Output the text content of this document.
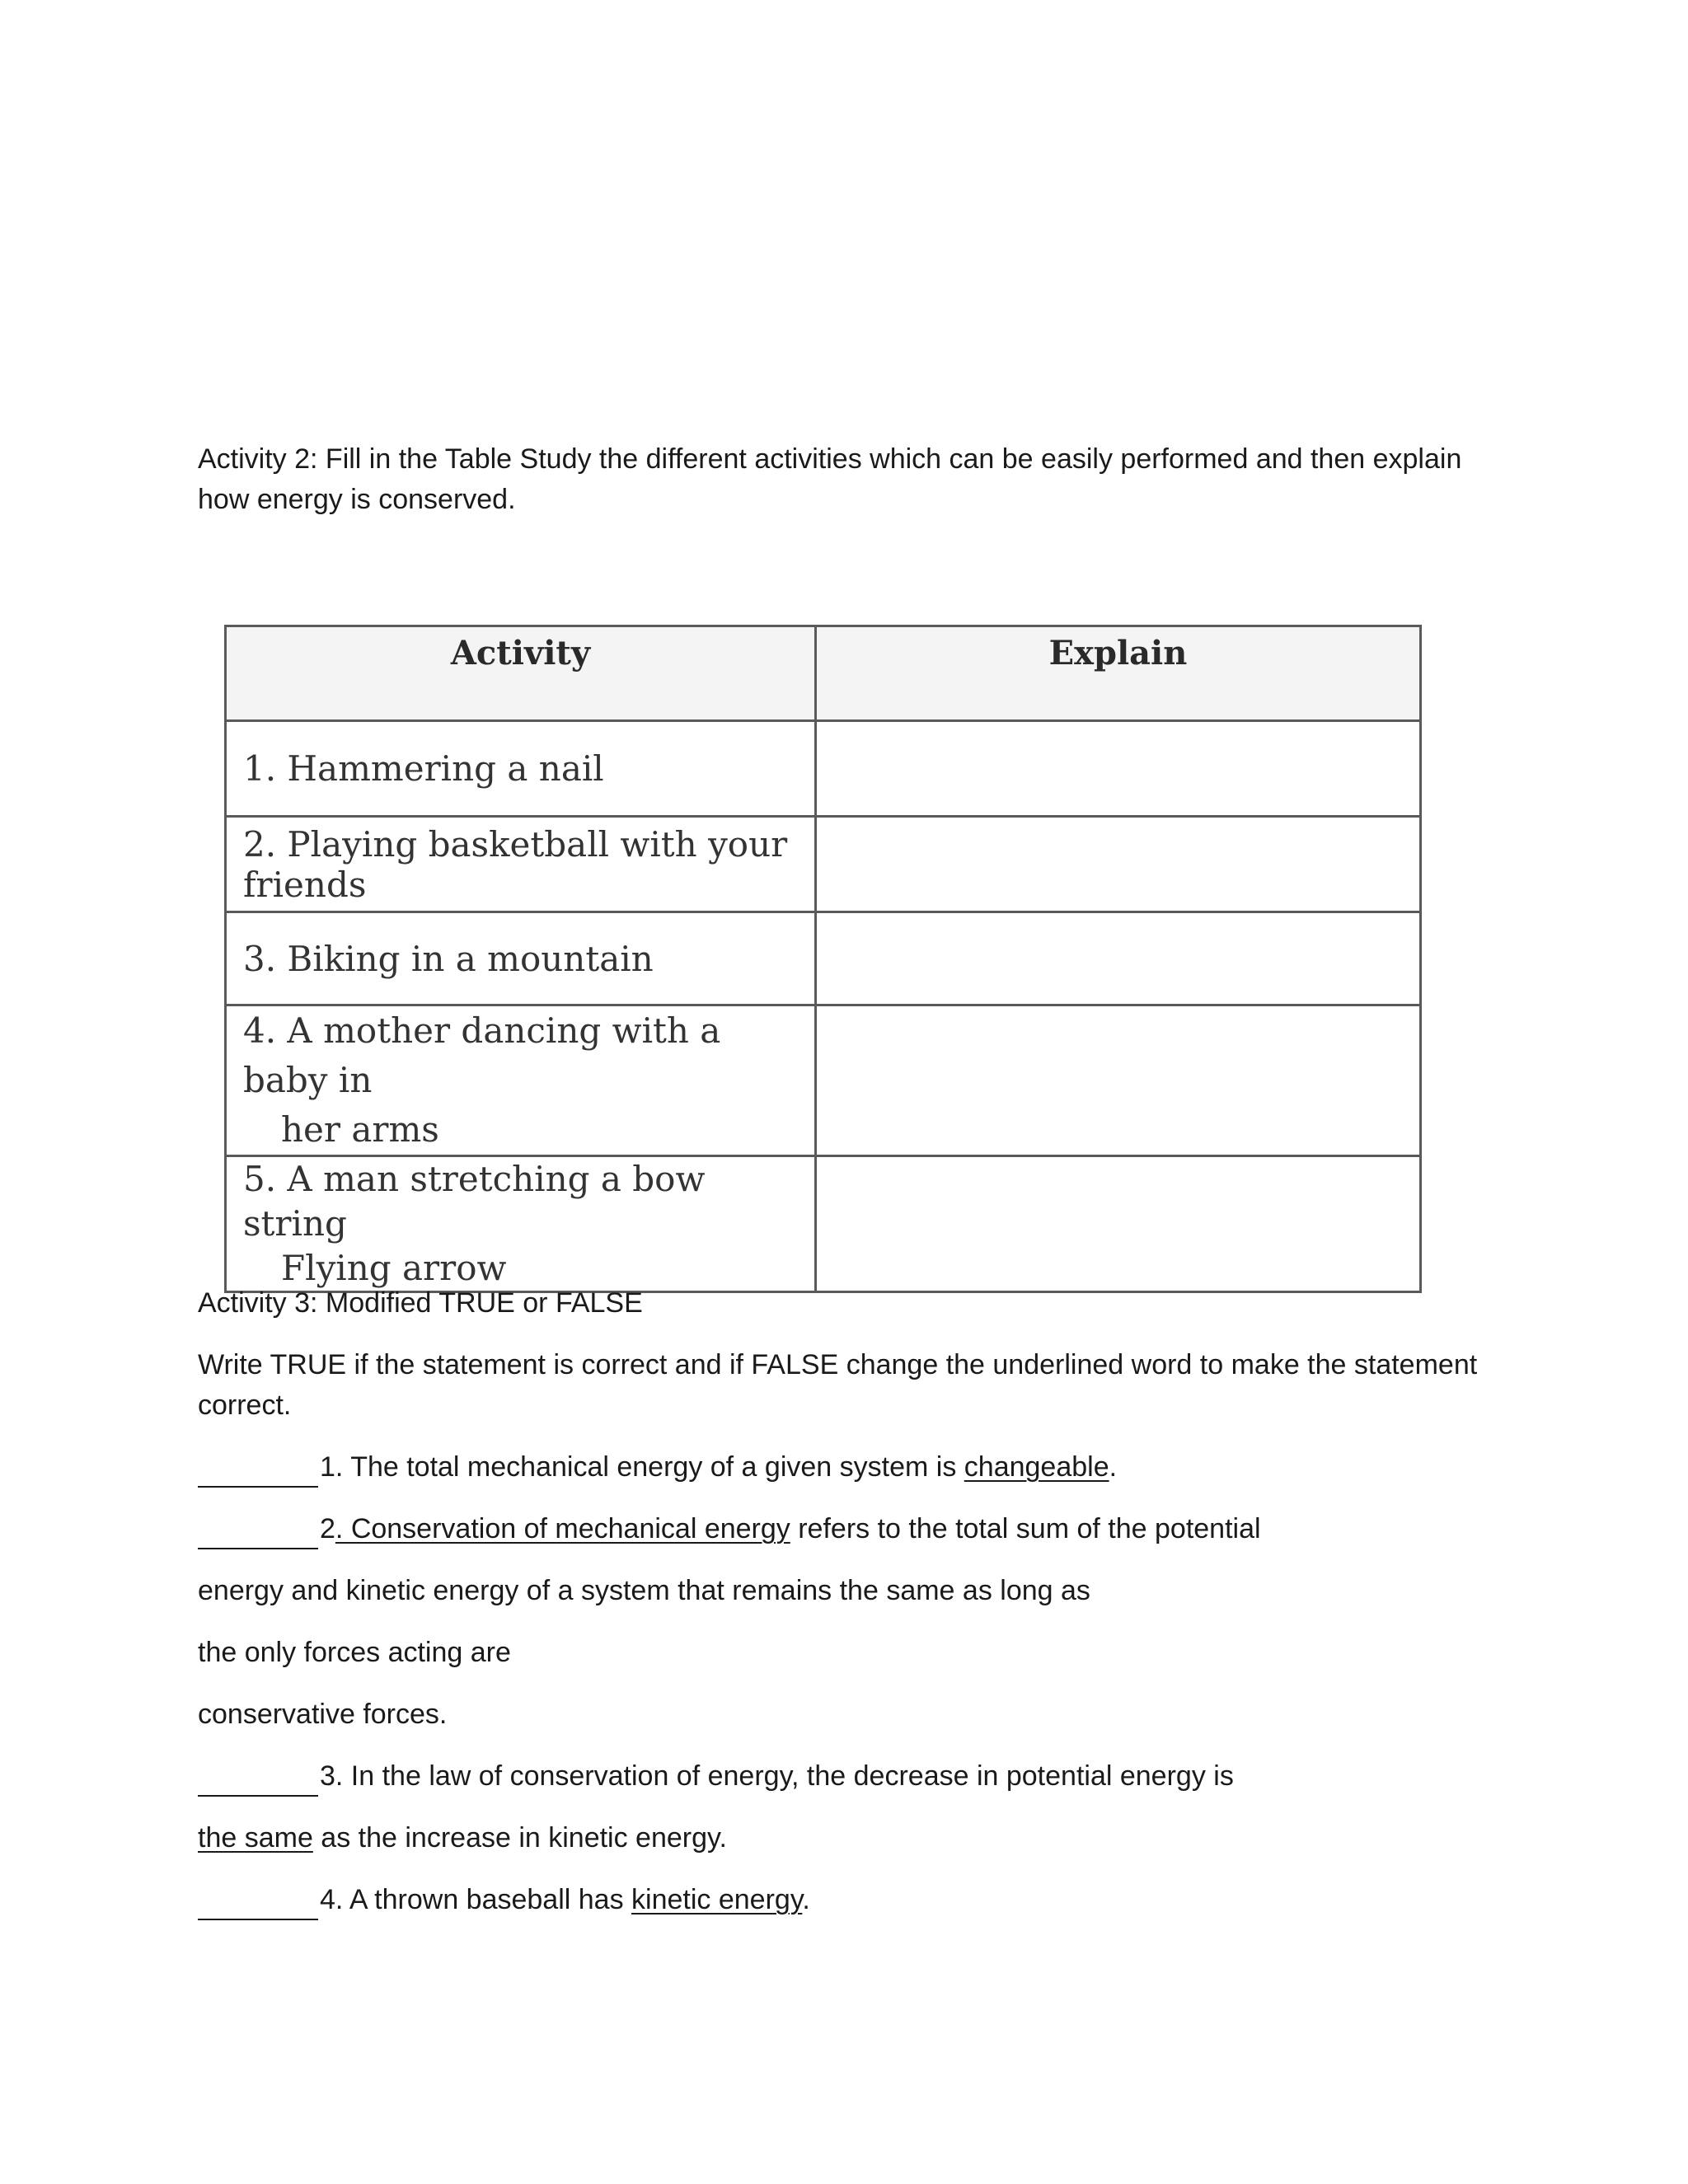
Activity 2: Fill in the Table Study the different activities which can be easily performed and then explain

how energy is conserved.

Activity	Explain
1. Hammering a nail	
2. Playing basketball with your friends	
3. Biking in a mountain	
4. A mother dancing with a baby in
her arms	

5. A man stretching a bow string
Flying arrow	

Activity 3: Modified TRUE or FALSE

Write TRUE if the statement is correct and if FALSE change the underlined word to make the statement

correct.

1. The total mechanical energy of a given system is changeable.

2. Conservation of mechanical energy refers to the total sum of the potential

energy and kinetic energy of a system that remains the same as long as

the only forces acting are

conservative forces.

3. In the law of conservation of energy, the decrease in potential energy is

the same as the increase in kinetic energy.

4. A thrown baseball has kinetic energy.
